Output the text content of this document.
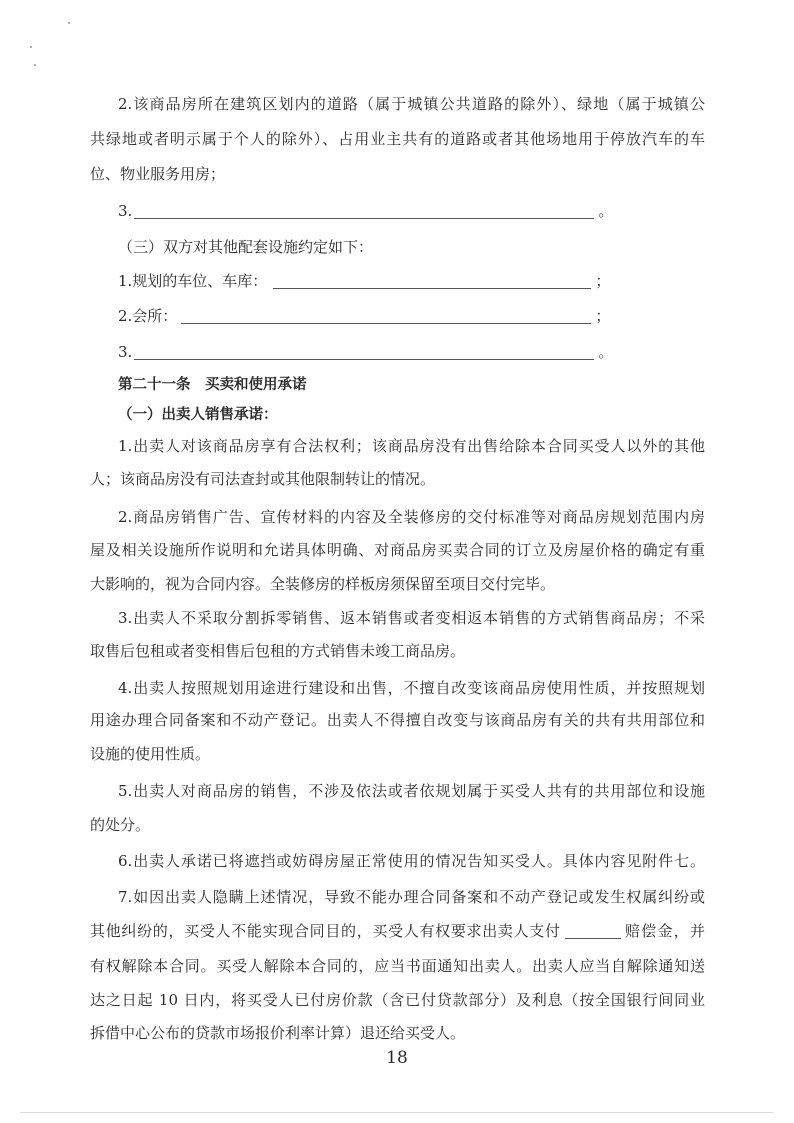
2.该商品房所在建筑区划内的道路（属于城镇公共道路的除外）、绿地（属于城镇公
共绿地或者明示属于个人的除外）、占用业主共有的道路或者其他场地用于停放汽车的车
位、物业服务用房；
3.	。
（三）双方对其他配套设施约定如下：
1.规划的车位、车库：	；
2.会所：	；
3.	。
第二十一条　买卖和使用承诺
（一）出卖人销售承诺：
1.出卖人对该商品房享有合法权利；该商品房没有出售给除本合同买受人以外的其他
人；该商品房没有司法查封或其他限制转让的情况。
2.商品房销售广告、宣传材料的内容及全装修房的交付标准等对商品房规划范围内房
屋及相关设施所作说明和允诺具体明确、对商品房买卖合同的订立及房屋价格的确定有重
大影响的，视为合同内容。全装修房的样板房须保留至项目交付完毕。
3.出卖人不采取分割拆零销售、返本销售或者变相返本销售的方式销售商品房；不采
取售后包租或者变相售后包租的方式销售未竣工商品房。
4.出卖人按照规划用途进行建设和出售，不擅自改变该商品房使用性质，并按照规划
用途办理合同备案和不动产登记。出卖人不得擅自改变与该商品房有关的共有共用部位和
设施的使用性质。
5.出卖人对商品房的销售，不涉及依法或者依规划属于买受人共有的共用部位和设施
的处分。
6.出卖人承诺已将遮挡或妨碍房屋正常使用的情况告知买受人。具体内容见附件七。
7.如因出卖人隐瞒上述情况，导致不能办理合同备案和不动产登记或发生权属纠纷或
其他纠纷的，买受人不能实现合同目的，买受人有权要求出卖人支付	赔偿金，并
有权解除本合同。买受人解除本合同的，应当书面通知出卖人。出卖人应当自解除通知送
达之日起 10 日内，将买受人已付房价款（含已付贷款部分）及利息（按全国银行间同业
拆借中心公布的贷款市场报价利率计算）退还给买受人。
18
